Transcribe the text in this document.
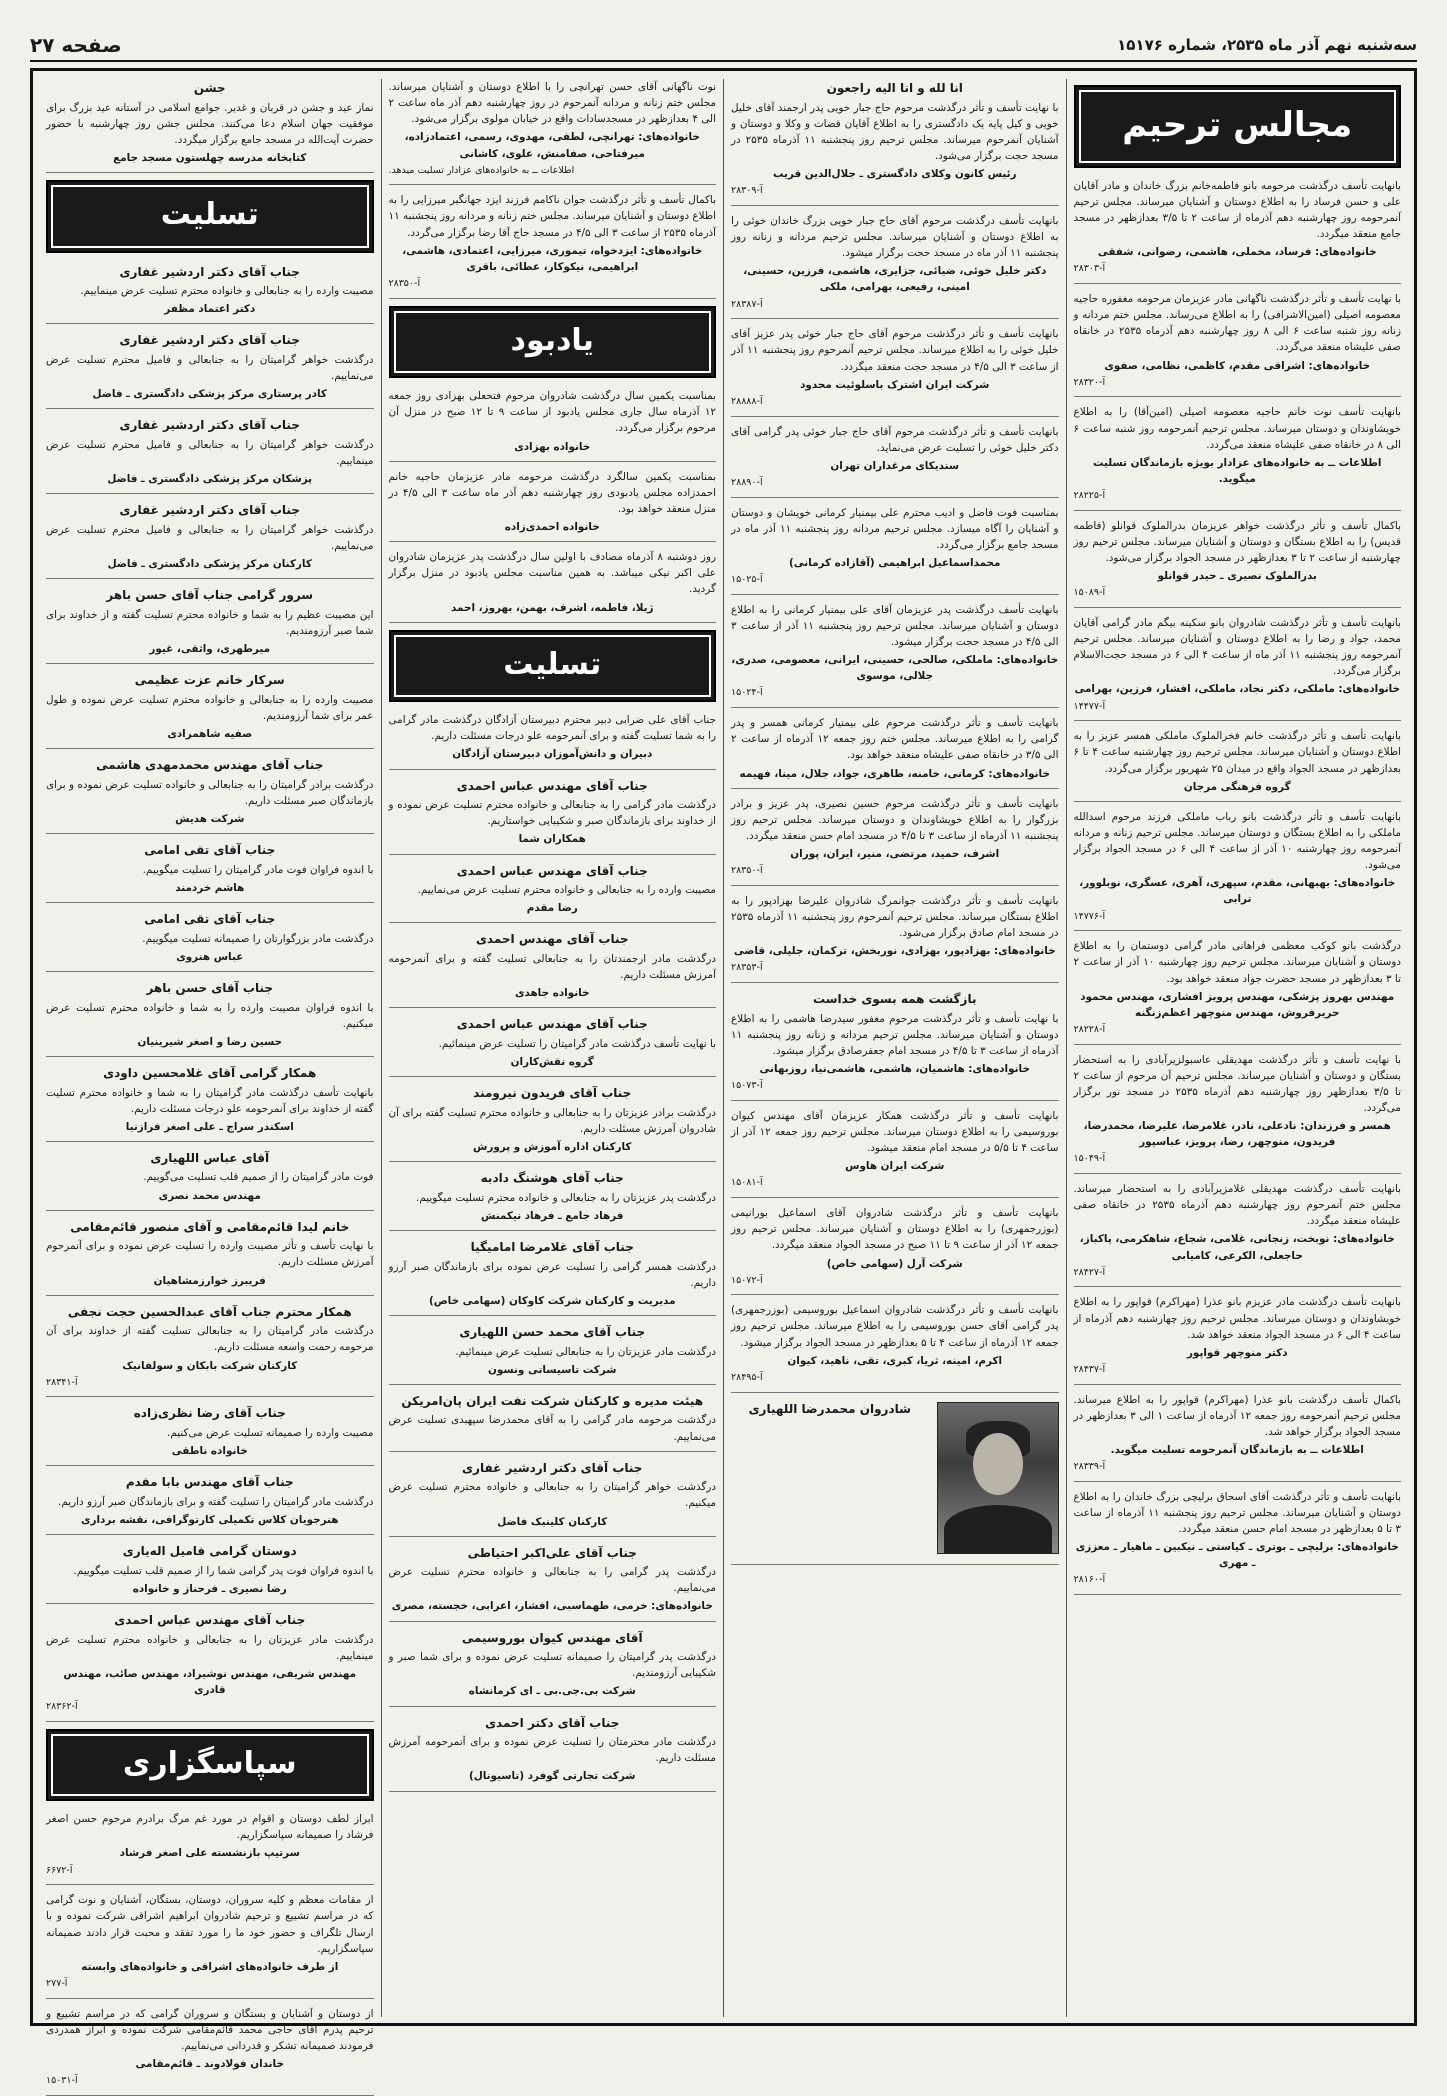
سه‌شنبه نهم آذر ماه ۲۵۳۵، شماره ۱۵۱۷۶
صفحه ۲۷
مجالس ترحیم
بانهایت تأسف درگذشت مرحومه بانو فاطمه‌خانم بزرگ خاندان و مادر آقایان علی و حسن فرساد را به اطلاع دوستان و آشنایان میرساند. مجلس ترحیم آنمرحومه روز چهارشنبه دهم آذرماه از ساعت ۲ تا ۳/۵ بعدازظهر در مسجد جامع منعقد میگردد.
خانواده‌های: فرساد، مخملی، هاشمی، رضوانی، شفقی
آ-۲۸۳۰۳
با نهایت تأسف و تأثر درگذشت ناگهانی مادر عزیزمان مرحومه مغفوره حاجیه معصومه اصیلی (امین‌الاشرافی) را به اطلاع می‌رساند. مجلس ختم مردانه و زنانه روز شنبه ساعت ۶ الی ۸ روز چهارشنبه دهم آذرماه ۲۵۳۵ در خانقاه صفی علیشاه منعقد می‌گردد.
خانواده‌های: اشراقی مقدم، کاظمی، نظامی، صفوی
آ-۲۸۳۲۰
بانهایت تأسف نوت خانم حاجیه معصومه اصیلی (امین‌آقا) را به اطلاع خویشاوندان و دوستان میرساند. مجلس ترحیم آنمرحومه روز شنبه ساعت ۶ الی ۸ در خانقاه صفی علیشاه منعقد می‌گردد.
اطلاعات ــ به خانواده‌های عزادار بویژه بازماندگان تسلیت میگوید.
آ-۲۸۲۲۵
باکمال تأسف و تأثر درگذشت خواهر عزیزمان بدرالملوک قوانلو (فاطمه قدیس) را به اطلاع بستگان و دوستان و آشنایان میرساند. مجلس ترحیم روز چهارشنبه از ساعت ۲ تا ۳ بعدازظهر در مسجد الجواد برگزار می‌شود.
بدرالملوک نصیری ـ حیدر قوانلو
آ-۱۵۰۸۹
بانهایت تأسف و تأثر درگذشت شادروان بانو سکینه بیگم مادر گرامی آقایان محمد، جواد و رضا را به اطلاع دوستان و آشنایان میرساند. مجلس ترحیم آنمرحومه روز پنجشنبه ۱۱ آذر ماه از ساعت ۴ الی ۶ در مسجد حجت‌الاسلام برگزار می‌گردد.
خانواده‌های: ماملکی، دکتر نجاد، ماملکی، افشار، فرزین، بهرامی
آ-۱۴۴۷۷
بانهایت تأسف و تأثر درگذشت خانم فخرالملوک ماملکی همسر عزیز را به اطلاع دوستان و آشنایان میرساند. مجلس ترحیم روز چهارشنبه ساعت ۴ تا ۶ بعدازظهر در مسجد الجواد واقع در میدان ۲۵ شهریور برگزار می‌گردد.
گروه فرهنگی مرجان
بانهایت تأسف و تأثر درگذشت بانو رباب ماملکی فرزند مرحوم اسدالله ماملکی را به اطلاع بستگان و دوستان میرساند. مجلس ترحیم زنانه و مردانه آنمرحومه روز چهارشنبه ۱۰ آذر از ساعت ۴ الی ۶ در مسجد الجواد برگزار می‌شود.
خانواده‌های: بهبهانی، مقدم، سپهری، آهری، عسگری، نوبلوور، ترابی
آ-۱۴۷۷۶
درگذشت بانو کوکب معظمی فراهانی مادر گرامی دوستمان را به اطلاع دوستان و آشنایان میرساند. مجلس ترحیم روز چهارشنبه ۱۰ آذر از ساعت ۲ تا ۳ بعدازظهر در مسجد حضرت جواد منعقد خواهد بود.
مهندس بهروز پزشکی، مهندس پرویز افشاری، مهندس محمود حریرفروش، مهندس منوچهر اعظم‌زنگنه
آ-۲۸۲۲۸
با نهایت تأسف و تأثر درگذشت مهدیقلی عاسبولزیرآبادی را به استحضار بستگان و دوستان و آشنایان میرساند. مجلس ترحیم آن مرحوم از ساعت ۲ تا ۳/۵ بعدازظهر روز چهارشنبه دهم آذرماه ۲۵۳۵ در مسجد نور برگزار می‌گردد.
همسر و فرزندان: نادعلی، نادر، غلامرضا، علیرضا، محمدرضا، فریدون، منوچهر، رضا، پرویز، عباسپور
آ-۱۵۰۴۹
بانهایت تأسف درگذشت مهدیقلی غلامزیرآبادی را به استحضار میرساند. مجلس ختم آنمرحوم روز چهارشنبه دهم آذرماه ۲۵۳۵ در خانقاه صفی علیشاه منعقد میگردد.
خانواده‌های: نوبخت، زنجانی، غلامی، شجاع، شاهکرمی، پاکباز، حاجعلی، الکرعی، کامیابی
آ-۲۸۴۲۷
بانهایت تأسف درگذشت مادر عزیزم بانو عذرا (مهراکرم) قواپور را به اطلاع خویشاوندان و دوستان میرساند. مجلس ترحیم روز چهارشنبه دهم آذرماه از ساعت ۴ الی ۶ در مسجد الجواد منعقد خواهد شد.
دکتر منوچهر قواپور
آ-۲۸۴۳۷
باکمال تأسف درگذشت بانو عذرا (مهراکرم) قواپور را به اطلاع میرساند. مجلس ترحیم آنمرحومه روز جمعه ۱۲ آذرماه از ساعت ۱ الی ۳ بعدازظهر در مسجد الجواد برگزار خواهد شد.
اطلاعات ــ به بازماندگان آنمرحومه تسلیت میگوید.
آ-۲۸۳۳۹
بانهایت تأسف و تأثر درگذشت آقای اسحاق برلیچی بزرگ خاندان را به اطلاع دوستان و آشنایان میرساند. مجلس ترحیم روز پنجشنبه ۱۱ آذرماه از ساعت ۳ تا ۵ بعدازظهر در مسجد امام حسن منعقد میگردد.
خانواده‌های: برلیچی ـ بوتری ـ کیاستی ـ نیکبین ـ ماهیار ـ معززی ـ مهری
آ-۲۸۱۶۰
انا لله و انا الیه راجعون
با نهایت تأسف و تأثر درگذشت مرحوم حاج جبار خویی پدر ارجمند آقای خلیل خویی و کیل پایه یک دادگستری را به اطلاع آقایان قضات و وکلا و دوستان و آشنایان آنمرحوم میرساند. مجلس ترحیم روز پنجشنبه ۱۱ آذرماه ۲۵۳۵ در مسجد حجت برگزار می‌شود.
رئیس کانون وکلای دادگستری ـ جلال‌الدین قریب
آ-۲۸۳۰۹
بانهایت تأسف درگذشت مرحوم آقای حاج جبار خویی بزرگ خاندان خوئی را به اطلاع دوستان و آشنایان میرساند. مجلس ترحیم مردانه و زنانه روز پنجشنبه ۱۱ آذر ماه در مسجد حجت برگزار میشود.
دکتر خلیل خوئی، ضیائی، جزایری، هاشمی، فرزین، حسینی، امینی، رفیعی، بهرامی، ملکی
آ-۲۸۳۸۷
بانهایت تأسف و تأثر درگذشت مرحوم آقای حاج جبار خوئی پدر عزیز آقای خلیل خوئی را به اطلاع میرساند. مجلس ترحیم آنمرحوم روز پنجشنبه ۱۱ آذر از ساعت ۳ الی ۴/۵ در مسجد حجت منعقد میگردد.
شرکت ایران اشترک باسلوئیت محدود
آ-۲۸۸۸۸
بانهایت تأسف و تأثر درگذشت مرحوم آقای حاج جبار خوئی پدر گرامی آقای دکتر خلیل خوئی را تسلیت عرض می‌نماید.
سندیکای مرغداران تهران
آ-۲۸۸۹۰
بمناسبت فوت فاضل و ادیب محترم علی بیمنیار کرمانی خویشان و دوستان و آشنایان را آگاه میسازد. مجلس ترحیم مردانه روز پنجشنبه ۱۱ آذر ماه در مسجد جامع برگزار می‌گردد.
محمداسماعیل ابراهیمی (آقازاده کرمانی)
آ-۱۵۰۲۵
بانهایت تأسف درگذشت پدر عزیزمان آقای علی بیمنیار کرمانی را به اطلاع دوستان و آشنایان میرساند. مجلس ترحیم روز پنجشنبه ۱۱ آذر از ساعت ۳ الی ۴/۵ در مسجد حجت برگزار میشود.
خانواده‌های: ماملکی، صالحی، حسینی، ایرانی، معصومی، صدری، جلالی، موسوی
آ-۱۵۰۲۴
بانهایت تأسف و تأثر درگذشت مرحوم علی بیمنیار کرمانی همسر و پدر گرامی را به اطلاع میرساند. مجلس ختم روز جمعه ۱۲ آذرماه از ساعت ۲ الی ۳/۵ در خانقاه صفی علیشاه منعقد خواهد بود.
خانواده‌های: کرمانی، خامنه، طاهری، جواد، جلال، مینا، فهیمه
بانهایت تأسف و تأثر درگذشت مرحوم حسین نصیری، پدر عزیز و برادر بزرگوار را به اطلاع خویشاوندان و دوستان میرساند. مجلس ترحیم روز پنجشنبه ۱۱ آذرماه از ساعت ۳ تا ۴/۵ در مسجد امام حسن منعقد میگردد.
اشرف، حمید، مرتضی، منیر، ایران، پوران
آ-۲۸۳۵۰
بانهایت تأسف و تأثر درگذشت جوانمرگ شادروان علیرضا بهزادپور را به اطلاع بستگان میرساند. مجلس ترحیم آنمرحوم روز پنجشنبه ۱۱ آذرماه ۲۵۳۵ در مسجد امام صادق برگزار می‌شود.
خانواده‌های: بهزادپور، بهزادی، نوربخش، ترکمان، جلیلی، قاضی
آ-۲۸۳۵۳
بازگشت همه بسوی خداست
با نهایت تأسف و تأثر درگذشت مرحوم مغفور سیدرضا هاشمی را به اطلاع دوستان و آشنایان میرساند. مجلس ترحیم مردانه و زنانه روز پنجشنبه ۱۱ آذرماه از ساعت ۳ تا ۴/۵ در مسجد امام جعفرصادق برگزار میشود.
خانواده‌های: هاشمیان، هاشمی، هاشمی‌نیا، روزبهانی
آ-۱۵۰۷۳
بانهایت تأسف و تأثر درگذشت همکار عزیزمان آقای مهندس کیوان بوروسیمی را به اطلاع دوستان میرساند. مجلس ترحیم روز جمعه ۱۲ آذر از ساعت ۴ تا ۵/۵ در مسجد امام منعقد میشود.
شرکت ایران هاوس
آ-۱۵۰۸۱
بانهایت تأسف و تأثر درگذشت شادروان آقای اسماعیل بورانیمی (بوزرجمهری) را به اطلاع دوستان و آشنایان میرساند. مجلس ترحیم روز جمعه ۱۲ آذر از ساعت ۹ تا ۱۱ صبح در مسجد الجواد منعقد میگردد.
شرکت آرل (سهامی خاص)
آ-۱۵۰۷۲
بانهایت تأسف و تأثر درگذشت شادروان اسماعیل بوروسیمی (بوزرجمهری) پدر گرامی آقای حسن بوروسیمی را به اطلاع میرساند. مجلس ترحیم روز جمعه ۱۲ آذرماه از ساعت ۴ تا ۵ بعدازظهر در مسجد الجواد برگزار میشود.
اکرم، امینه، ثریا، کبری، تقی، ناهید، کیوان
آ-۲۸۴۹۵
شادروان محمدرضا اللهیاری
نوت ناگهانی آقای حسن تهرانچی را با اطلاع دوستان و آشنایان میرساند. مجلس ختم زنانه و مردانه آنمرحوم در روز چهارشنبه دهم آذر ماه ساعت ۲ الی ۴ بعدازظهر در مسجدسادات واقع در خیابان مولوی برگزار می‌شود.
خانواده‌های: تهرانچی، لطفی، مهدوی، رسمی، اعتمادزاده، میرفتاحی، صفامنش، علوی، کاشانی
اطلاعات ــ به خانواده‌های عزادار تسلیت میدهد.
باکمال تأسف و تأثر درگذشت جوان ناکامم فرزند ایزد جهانگیر میرزایی را به اطلاع دوستان و آشنایان میرساند. مجلس ختم زنانه و مردانه روز پنجشنبه ۱۱ آذرماه ۲۵۳۵ از ساعت ۳ الی ۴/۵ در مسجد حاج آقا رضا برگزار می‌گردد.
خانواده‌های: ایزدخواه، تیموری، میرزایی، اعتمادی، هاشمی، ابراهیمی، نیکوکار، عطائی، باقری
آ-۲۸۳۵۰
یادبود
بمناسبت یکمین سال درگذشت شادروان مرحوم فتحعلی بهزادی روز جمعه ۱۲ آذرماه سال جاری مجلس یادبود از ساعت ۹ تا ۱۲ صبح در منزل آن مرحوم برگزار می‌گردد.
خانواده بهزادی
بمناسبت یکمین سالگرد درگذشت مرحومه مادر عزیزمان حاجیه خانم احمدزاده مجلس یادبودی روز چهارشنبه دهم آذر ماه ساعت ۳ الی ۴/۵ در منزل منعقد خواهد بود.
خانواده احمدی‌زاده
روز دوشنبه ۸ آذرماه مصادف با اولین سال درگذشت پدر عزیزمان شادروان علی اکبر نیکی میباشد. به همین مناسبت مجلس یادبود در منزل برگزار گردید.
ژیلا، فاطمه، اشرف، بهمن، بهروز، احمد
تسلیت
جناب آقای علی ضرابی دبیر محترم دبیرستان آزادگان درگذشت مادر گرامی را به شما تسلیت گفته و برای آنمرحومه علو درجات مسئلت داریم.
دبیران و دانش‌آموزان دبیرستان آزادگان
جناب آقای مهندس عباس احمدی
درگذشت مادر گرامی را به جنابعالی و خانواده محترم تسلیت عرض نموده و از خداوند برای بازماندگان صبر و شکیبایی خواستاریم.
همکاران شما
جناب آقای مهندس عباس احمدی
مصیبت وارده را به جنابعالی و خانواده محترم تسلیت عرض می‌نماییم.
رضا مقدم
جناب آقای مهندس احمدی
درگذشت مادر ارجمندتان را به جنابعالی تسلیت گفته و برای آنمرحومه آمرزش مسئلت داریم.
خانواده جاهدی
جناب آقای مهندس عباس احمدی
با نهایت تأسف درگذشت مادر گرامیتان را تسلیت عرض مینمائیم.
گروه نقش‌کاران
جناب آقای فریدون نیرومند
درگذشت برادر عزیزتان را به جنابعالی و خانواده محترم تسلیت گفته برای آن شادروان آمرزش مسئلت داریم.
کارکنان اداره آموزش و پرورش
جناب آقای هوشنگ دادبه
درگذشت پدر عزیزتان را به جنابعالی و خانواده محترم تسلیت میگوییم.
فرهاد جامع ـ فرهاد نیکمنش
جناب آقای غلامرضا امامیگیا
درگذشت همسر گرامی را تسلیت عرض نموده برای بازماندگان صبر آرزو داریم.
مدیریت و کارکنان شرکت کاوکان (سهامی خاص)
جناب آقای محمد حسن اللهیاری
درگذشت مادر عزیزتان را به جنابعالی تسلیت عرض مینمائیم.
شرکت تاسیساتی ونسون
هیئت مدیره و کارکنان شرکت نفت ایران پان‌امریکن
درگذشت مرحومه مادر گرامی را به آقای محمدرضا سپهبدی تسلیت عرض می‌نماییم.
جناب آقای دکتر اردشیر غفاری
درگذشت خواهر گرامیتان را به جنابعالی و خانواده محترم تسلیت عرض میکنیم.
کارکنان کلینیک فاضل
جناب آقای علی‌اکبر احتیاطی
درگذشت پدر گرامی را به جنابعالی و خانواده محترم تسلیت عرض می‌نماییم.
خانواده‌های: خرمی، طهماسبی، افشار، اعرابی، خجسته، مصری
آقای مهندس کیوان بوروسیمی
درگذشت پدر گرامیتان را صمیمانه تسلیت عرض نموده و برای شما صبر و شکیبایی آرزومندیم.
شرکت بی.جی.بی ـ ای کرمانشاه
جناب آقای دکتر احمدی
درگذشت مادر محترمتان را تسلیت عرض نموده و برای آنمرحومه آمرزش مسئلت داریم.
شرکت تجارتی گوفرد (تاسیونال)
جشن
نماز عید و جشن در قربان و غدیر. جوامع اسلامی در آستانه عید بزرگ برای موفقیت جهان اسلام دعا می‌کنند. مجلس جشن روز چهارشنبه با حضور حضرت آیت‌الله در مسجد جامع برگزار میگردد.
کتابخانه مدرسه چهلستون مسجد جامع
تسلیت
جناب آقای دکتر اردشیر غفاری
مصیبت وارده را به جنابعالی و خانواده محترم تسلیت عرض مینماییم.
دکتر اعتماد مظفر
جناب آقای دکتر اردشیر غفاری
درگذشت خواهر گرامیتان را به جنابعالی و فامیل محترم تسلیت عرض می‌نماییم.
کادر پرستاری مرکز پزشکی دادگستری ـ فاضل
جناب آقای دکتر اردشیر غفاری
درگذشت خواهر گرامیتان را به جنابعالی و فامیل محترم تسلیت عرض مینماییم.
پزشکان مرکز پزشکی دادگستری ـ فاضل
جناب آقای دکتر اردشیر غفاری
درگذشت خواهر گرامیتان را به جنابعالی و فامیل محترم تسلیت عرض می‌نماییم.
کارکنان مرکز پزشکی دادگستری ـ فاضل
سرور گرامی جناب آقای حسن باهر
این مصیبت عظیم را به شما و خانواده محترم تسلیت گفته و از خداوند برای شما صبر آرزومندیم.
میرطهری، واثقی، غیور
سرکار خانم عزت عظیمی
مصیبت وارده را به جنابعالی و خانواده محترم تسلیت عرض نموده و طول عمر برای شما آرزومندیم.
صفیه شاهمرادی
جناب آقای مهندس محمدمهدی هاشمی
درگذشت برادر گرامیتان را به جنابعالی و خانواده تسلیت عرض نموده و برای بازماندگان صبر مسئلت داریم.
شرکت هدیش
جناب آقای تقی امامی
با اندوه فراوان فوت مادر گرامیتان را تسلیت میگوییم.
هاشم خردمند
جناب آقای تقی امامی
درگذشت مادر بزرگوارتان را صمیمانه تسلیت میگوییم.
عباس هنروی
جناب آقای حسن باهر
با اندوه فراوان مصیبت وارده را به شما و خانواده محترم تسلیت عرض میکنیم.
حسین رضا و اصغر شیرینیان
همکار گرامی آقای غلامحسین داودی
بانهایت تأسف درگذشت مادر گرامیتان را به شما و خانواده محترم تسلیت گفته از خداوند برای آنمرحومه علو درجات مسئلت داریم.
اسکندر سراج ـ علی اصغر فرازنیا
آقای عباس اللهیاری
فوت مادر گرامیتان را از صمیم قلب تسلیت می‌گوییم.
مهندس محمد نصری
خانم لیدا قائم‌مقامی و آقای منصور قائم‌مقامی
با نهایت تأسف و تأثر مصیبت وارده را تسلیت عرض نموده و برای آنمرحوم آمرزش مسئلت داریم.
فریبرز خوارزمشاهیان
همکار محترم جناب آقای عبدالحسین حجت نجفی
درگذشت مادر گرامیتان را به جنابعالی تسلیت گفته از خداوند برای آن مرحومه رحمت واسعه مسئلت داریم.
کارکنان شرکت بابکان و سولفانیک
آ-۲۸۳۴۱
جناب آقای رضا نظری‌زاده
مصیبت وارده را صمیمانه تسلیت عرض می‌کنیم.
خانواده ناطقی
جناب آقای مهندس بابا مقدم
درگذشت مادر گرامیتان را تسلیت گفته و برای بازماندگان صبر آرزو داریم.
هنرجویان کلاس تکمیلی کارتوگرافی، نقشه برداری
دوستان گرامی فامیل اله‌یاری
با اندوه فراوان فوت پدر گرامی شما را از صمیم قلب تسلیت میگوییم.
رضا نصیری ـ فرحناز و خانواده
جناب آقای مهندس عباس احمدی
درگذشت مادر عزیزتان را به جنابعالی و خانواده محترم تسلیت عرض مینماییم.
مهندس شریفی، مهندس نوشیراد، مهندس صائب، مهندس قادری
آ-۲۸۳۶۲
سپاسگزاری
ابراز لطف دوستان و اقوام در مورد غم مرگ برادرم مرحوم حسن اصغر فرشاد را صمیمانه سپاسگزاریم.
سرتیپ بازنشسته علی اصغر فرشاد
آ-۶۶۷۲
از مقامات معظم و کلیه سروران، دوستان، بستگان، آشنایان و نوت گرامی که در مراسم تشییع و ترحیم شادروان ابراهیم اشراقی شرکت نموده و با ارسال تلگراف و حضور خود ما را مورد تفقد و محبت قرار دادند صمیمانه سپاسگزاریم.
از طرف خانواده‌های اشراقی و خانواده‌های وابسته
آ-۲۷۷
از دوستان و آشنایان و بستگان و سروران گرامی که در مراسم تشییع و ترحیم پدرم آقای حاجی محمد قائم‌مقامی شرکت نموده و ابراز همدردی فرمودند صمیمانه تشکر و قدردانی می‌نماییم.
خاندان فولادوند ـ قائم‌مقامی
آ-۱۵۰۳۱
